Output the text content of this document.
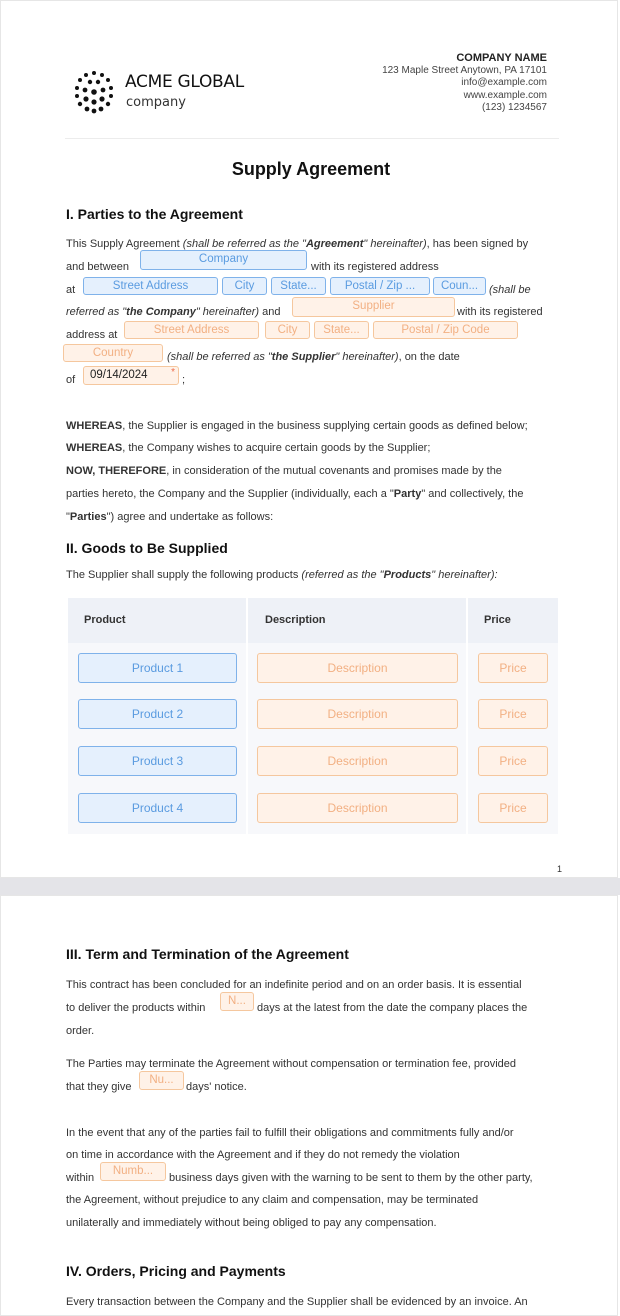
ACME GLOBAL
company
COMPANY NAME
123 Maple Street Anytown, PA 17101
info@example.com
www.example.com
(123) 1234567
Supply Agreement
I. Parties to the Agreement
This Supply Agreement (shall be referred as the "Agreement" hereinafter), has been signed by
and between
Company
with its registered address
at	Street Address	City	State...	Postal / Zip ...	Coun... (shall be
referred as "the Company" hereinafter) and	Supplier	with its registered
address at	Street Address	City	State...	Postal / Zip Code
Country	(shall be referred as "the Supplier" hereinafter), on the date
of	09/14/2024 *
;
WHEREAS, the Supplier is engaged in the business supplying certain goods as defined below;
WHEREAS, the Company wishes to acquire certain goods by the Supplier;
NOW, THEREFORE, in consideration of the mutual covenants and promises made by the
parties hereto, the Company and the Supplier (individually, each a "Party" and collectively, the
"Parties") agree and undertake as follows:
II. Goods to Be Supplied
The Supplier shall supply the following products (referred as the "Products" hereinafter):
Product	Description	Price
Product 1	Description	Price
Product 2	Description	Price
Product 3	Description	Price
Product 4	Description	Price
1
III. Term and Termination of the Agreement
This contract has been concluded for an indefinite period and on an order basis. It is essential
to deliver the products within
N...
days at the latest from the date the company places the
order.
The Parties may terminate the Agreement without compensation or termination fee, provided
that they give
Nu...
days' notice.
In the event that any of the parties fail to fulfill their obligations and commitments fully and/or
on time in accordance with the Agreement and if they do not remedy the violation
within
Numb...
business days given with the warning to be sent to them by the other party,
the Agreement, without prejudice to any claim and compensation, may be terminated
unilaterally and immediately without being obliged to pay any compensation.
IV. Orders, Pricing and Payments
Every transaction between the Company and the Supplier shall be evidenced by an invoice. An
